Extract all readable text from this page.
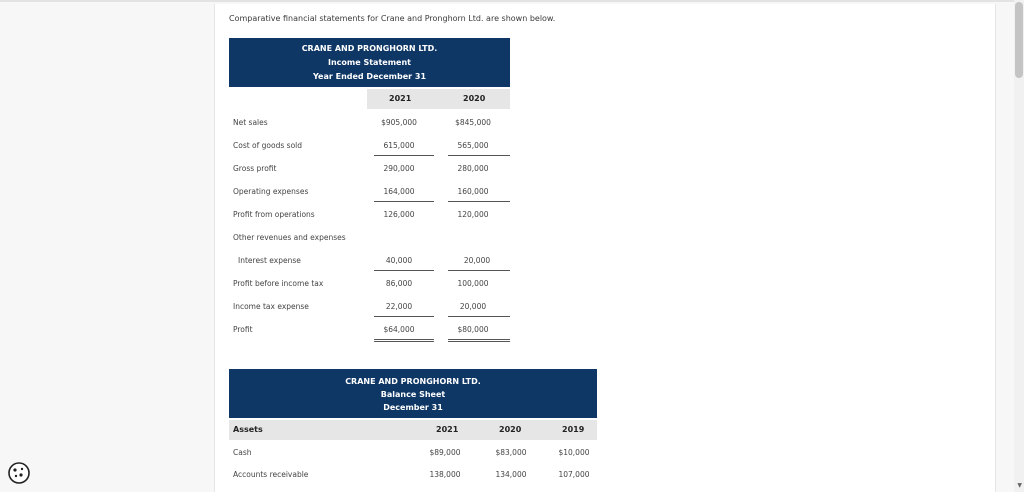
Comparative financial statements for Crane and Pronghorn Ltd. are shown below.
CRANE AND PRONGHORN LTD.
Income Statement
Year Ended December 31
2021	2020
Net sales	$905,000	$845,000
Cost of goods sold	615,000	565,000
Gross profit	290,000	280,000
Operating expenses	164,000	160,000
Profit from operations	126,000	120,000
Other revenues and expenses
Interest expense	40,000	20,000
Profit before income tax	86,000	100,000
Income tax expense	22,000	20,000
Profit	$64,000	$80,000
CRANE AND PRONGHORN LTD.
Balance Sheet
December 31
Assets	2021	2020	2019
Cash	$89,000	$83,000	$10,000
Accounts receivable	138,000	134,000	107,000
▼
